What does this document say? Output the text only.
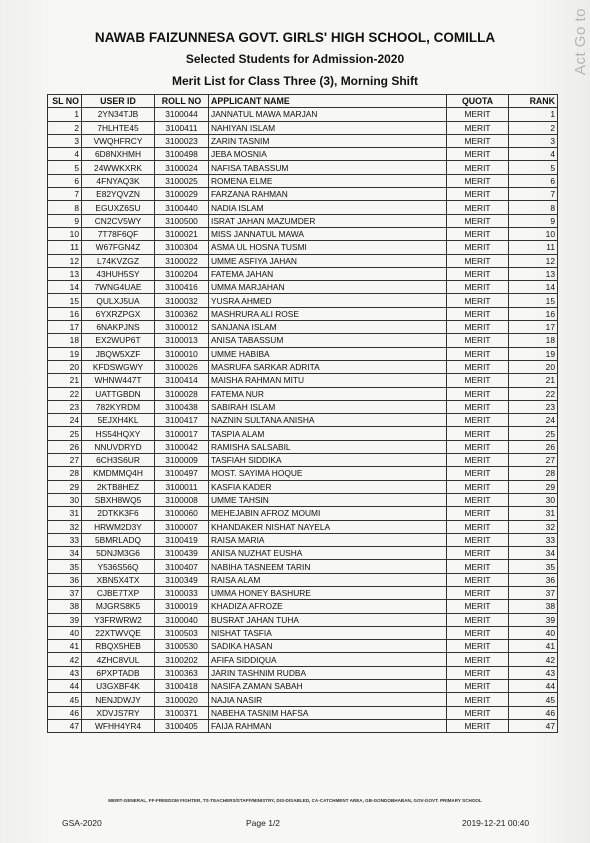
Act Go to
NAWAB FAIZUNNESA GOVT. GIRLS' HIGH SCHOOL, COMILLA
Selected Students for Admission-2020
Merit List for Class Three (3), Morning Shift
SL NO	USER ID	ROLL NO	APPLICANT NAME	QUOTA	RANK
1	2YN34TJB	3100044	JANNATUL MAWA MARJAN	MERIT	1
2	7HLHTE45	3100411	NAHIYAN ISLAM	MERIT	2
3	VWQHFRCY	3100023	ZARIN TASNIM	MERIT	3
4	6D8NXHMH	3100498	JEBA MOSNIA	MERIT	4
5	24WWKXRK	3100024	NAFISA TABASSUM	MERIT	5
6	4FNYAQ3K	3100025	ROMENA ELME	MERIT	6
7	E82YQVZN	3100029	FARZANA RAHMAN	MERIT	7
8	EGUXZ6SU	3100440	NADIA ISLAM	MERIT	8
9	CN2CV5WY	3100500	ISRAT JAHAN MAZUMDER	MERIT	9
10	7T78F6QF	3100021	MISS JANNATUL MAWA	MERIT	10
11	W67FGN4Z	3100304	ASMA UL HOSNA TUSMI	MERIT	11
12	L74KVZGZ	3100022	UMME ASFIYA JAHAN	MERIT	12
13	43HUH5SY	3100204	FATEMA JAHAN	MERIT	13
14	7WNG4UAE	3100416	UMMA MARJAHAN	MERIT	14
15	QULXJ5UA	3100032	YUSRA AHMED	MERIT	15
16	6YXRZPGX	3100362	MASHRURA ALI ROSE	MERIT	16
17	6NAKPJNS	3100012	SANJANA ISLAM	MERIT	17
18	EX2WUP6T	3100013	ANISA TABASSUM	MERIT	18
19	JBQW5XZF	3100010	UMME HABIBA	MERIT	19
20	KFDSWGWY	3100026	MASRUFA SARKAR ADRITA	MERIT	20
21	WHNW447T	3100414	MAISHA RAHMAN MITU	MERIT	21
22	UATTGBDN	3100028	FATEMA NUR	MERIT	22
23	782KYRDM	3100438	SABIRAH ISLAM	MERIT	23
24	5EJXH4KL	3100417	NAZNIN SULTANA ANISHA	MERIT	24
25	HS54HQXY	3100017	TASPIA ALAM	MERIT	25
26	NNUVDRYD	3100042	RAMISHA SALSABIL	MERIT	26
27	6CH3S6UR	3100009	TASFIAH SIDDIKA	MERIT	27
28	KMDMMQ4H	3100497	MOST. SAYIMA HOQUE	MERIT	28
29	2KTB8HEZ	3100011	KASFIA KADER	MERIT	29
30	SBXH8WQ5	3100008	UMME TAHSIN	MERIT	30
31	2DTKK3F6	3100060	MEHEJABIN AFROZ MOUMI	MERIT	31
32	HRWM2D3Y	3100007	KHANDAKER NISHAT NAYELA	MERIT	32
33	5BMRLADQ	3100419	RAISA MARIA	MERIT	33
34	5DNJM3G6	3100439	ANISA NUZHAT EUSHA	MERIT	34
35	Y536S56Q	3100407	NABIHA TASNEEM TARIN	MERIT	35
36	XBN5X4TX	3100349	RAISA ALAM	MERIT	36
37	CJBE7TXP	3100033	UMMA HONEY BASHURE	MERIT	37
38	MJGRS8K5	3100019	KHADIZA AFROZE	MERIT	38
39	Y3FRWRW2	3100040	BUSRAT JAHAN TUHA	MERIT	39
40	22XTWVQE	3100503	NISHAT TASFIA	MERIT	40
41	RBQX5HEB	3100530	SADIKA HASAN	MERIT	41
42	4ZHC8VUL	3100202	AFIFA SIDDIQUA	MERIT	42
43	6PXPTADB	3100363	JARIN TASHNIM RUDBA	MERIT	43
44	U3GXBF4K	3100418	NASIFA ZAMAN SABAH	MERIT	44
45	NENJDWJY	3100020	NAJIA NASIR	MERIT	45
46	XDVJS7RY	3100371	NABEHA TASNIM HAFSA	MERIT	46
47	WFHH4YR4	3100405	FAIJA RAHMAN	MERIT	47
MERIT-GENERAL, FF-FREEDOM FIGHTER, TS-TEACHERS/STAFF/MINISTRY, DIS-DISABLED, CA-CATCHMENT AREA, GB-GONDOBHABAN, GOV-GOVT. PRIMARY SCHOOL
GSA-2020	Page 1/2	2019-12-21 00:40
